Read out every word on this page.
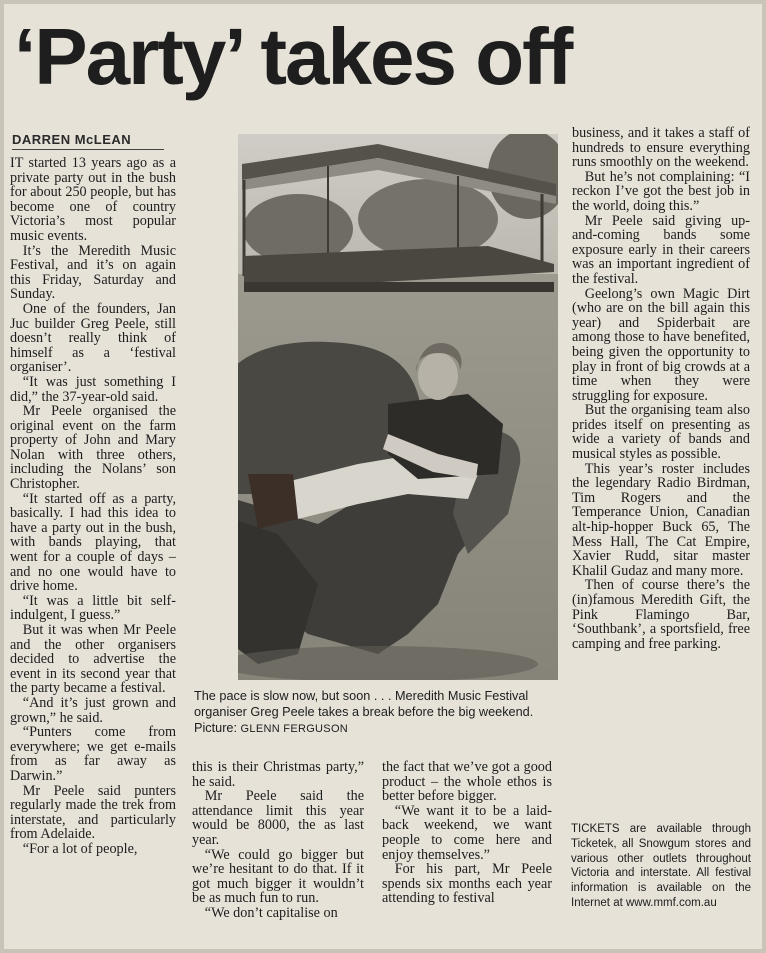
‘Party’ takes off
DARREN McLEAN

IT started 13 years ago as a private party out in the bush for about 250 people, but has become one of country Victoria’s most popular music events.

It’s the Meredith Music Festival, and it’s on again this Friday, Saturday and Sunday.

One of the founders, Jan Juc builder Greg Peele, still doesn’t really think of himself as a ‘festival organiser’.

“It was just something I did,” the 37-year-old said.

Mr Peele organised the original event on the farm property of John and Mary Nolan with three others, including the Nolans’ son Christopher.

“It started off as a party, basically. I had this idea to have a party out in the bush, with bands playing, that went for a couple of days – and no one would have to drive home.

“It was a little bit self-indulgent, I guess.”

But it was when Mr Peele and the other organisers decided to advertise the event in its second year that the party became a festival.

“And it’s just grown and grown,” he said.

“Punters come from everywhere; we get e-mails from as far away as Darwin.”

Mr Peele said punters regularly made the trek from interstate, and particularly from Adelaide.

“For a lot of people,

The pace is slow now, but soon . . . Meredith Music Festival organiser Greg Peele takes a break before the big weekend. Picture: GLENN FERGUSON

this is their Christmas party,” he said.

Mr Peele said the attendance limit this year would be 8000, the as last year.

“We could go bigger but we’re hesitant to do that. If it got much bigger it wouldn’t be as much fun to run.

“We don’t capitalise on

the fact that we’ve got a good product – the whole ethos is better before bigger.

“We want it to be a laid-back weekend, we want people to come here and enjoy themselves.”

For his part, Mr Peele spends six months each year attending to festival

business, and it takes a staff of hundreds to ensure everything runs smoothly on the weekend.

But he’s not complaining: “I reckon I’ve got the best job in the world, doing this.”

Mr Peele said giving up-and-coming bands some exposure early in their careers was an important ingredient of the festival.

Geelong’s own Magic Dirt (who are on the bill again this year) and Spiderbait are among those to have benefited, being given the opportunity to play in front of big crowds at a time when they were struggling for exposure.

But the organising team also prides itself on presenting as wide a variety of bands and musical styles as possible.

This year’s roster includes the legendary Radio Birdman, Tim Rogers and the Temperance Union, Canadian alt-hip-hopper Buck 65, The Mess Hall, The Cat Empire, Xavier Rudd, sitar master Khalil Gudaz and many more.

Then of course there’s the (in)famous Meredith Gift, the Pink Flamingo Bar, ‘Southbank’, a sportsfield, free camping and free parking.

TICKETS are available through Ticketek, all Snowgum stores and various other outlets throughout Victoria and interstate. All festival information is available on the Internet at www.mmf.com.au
